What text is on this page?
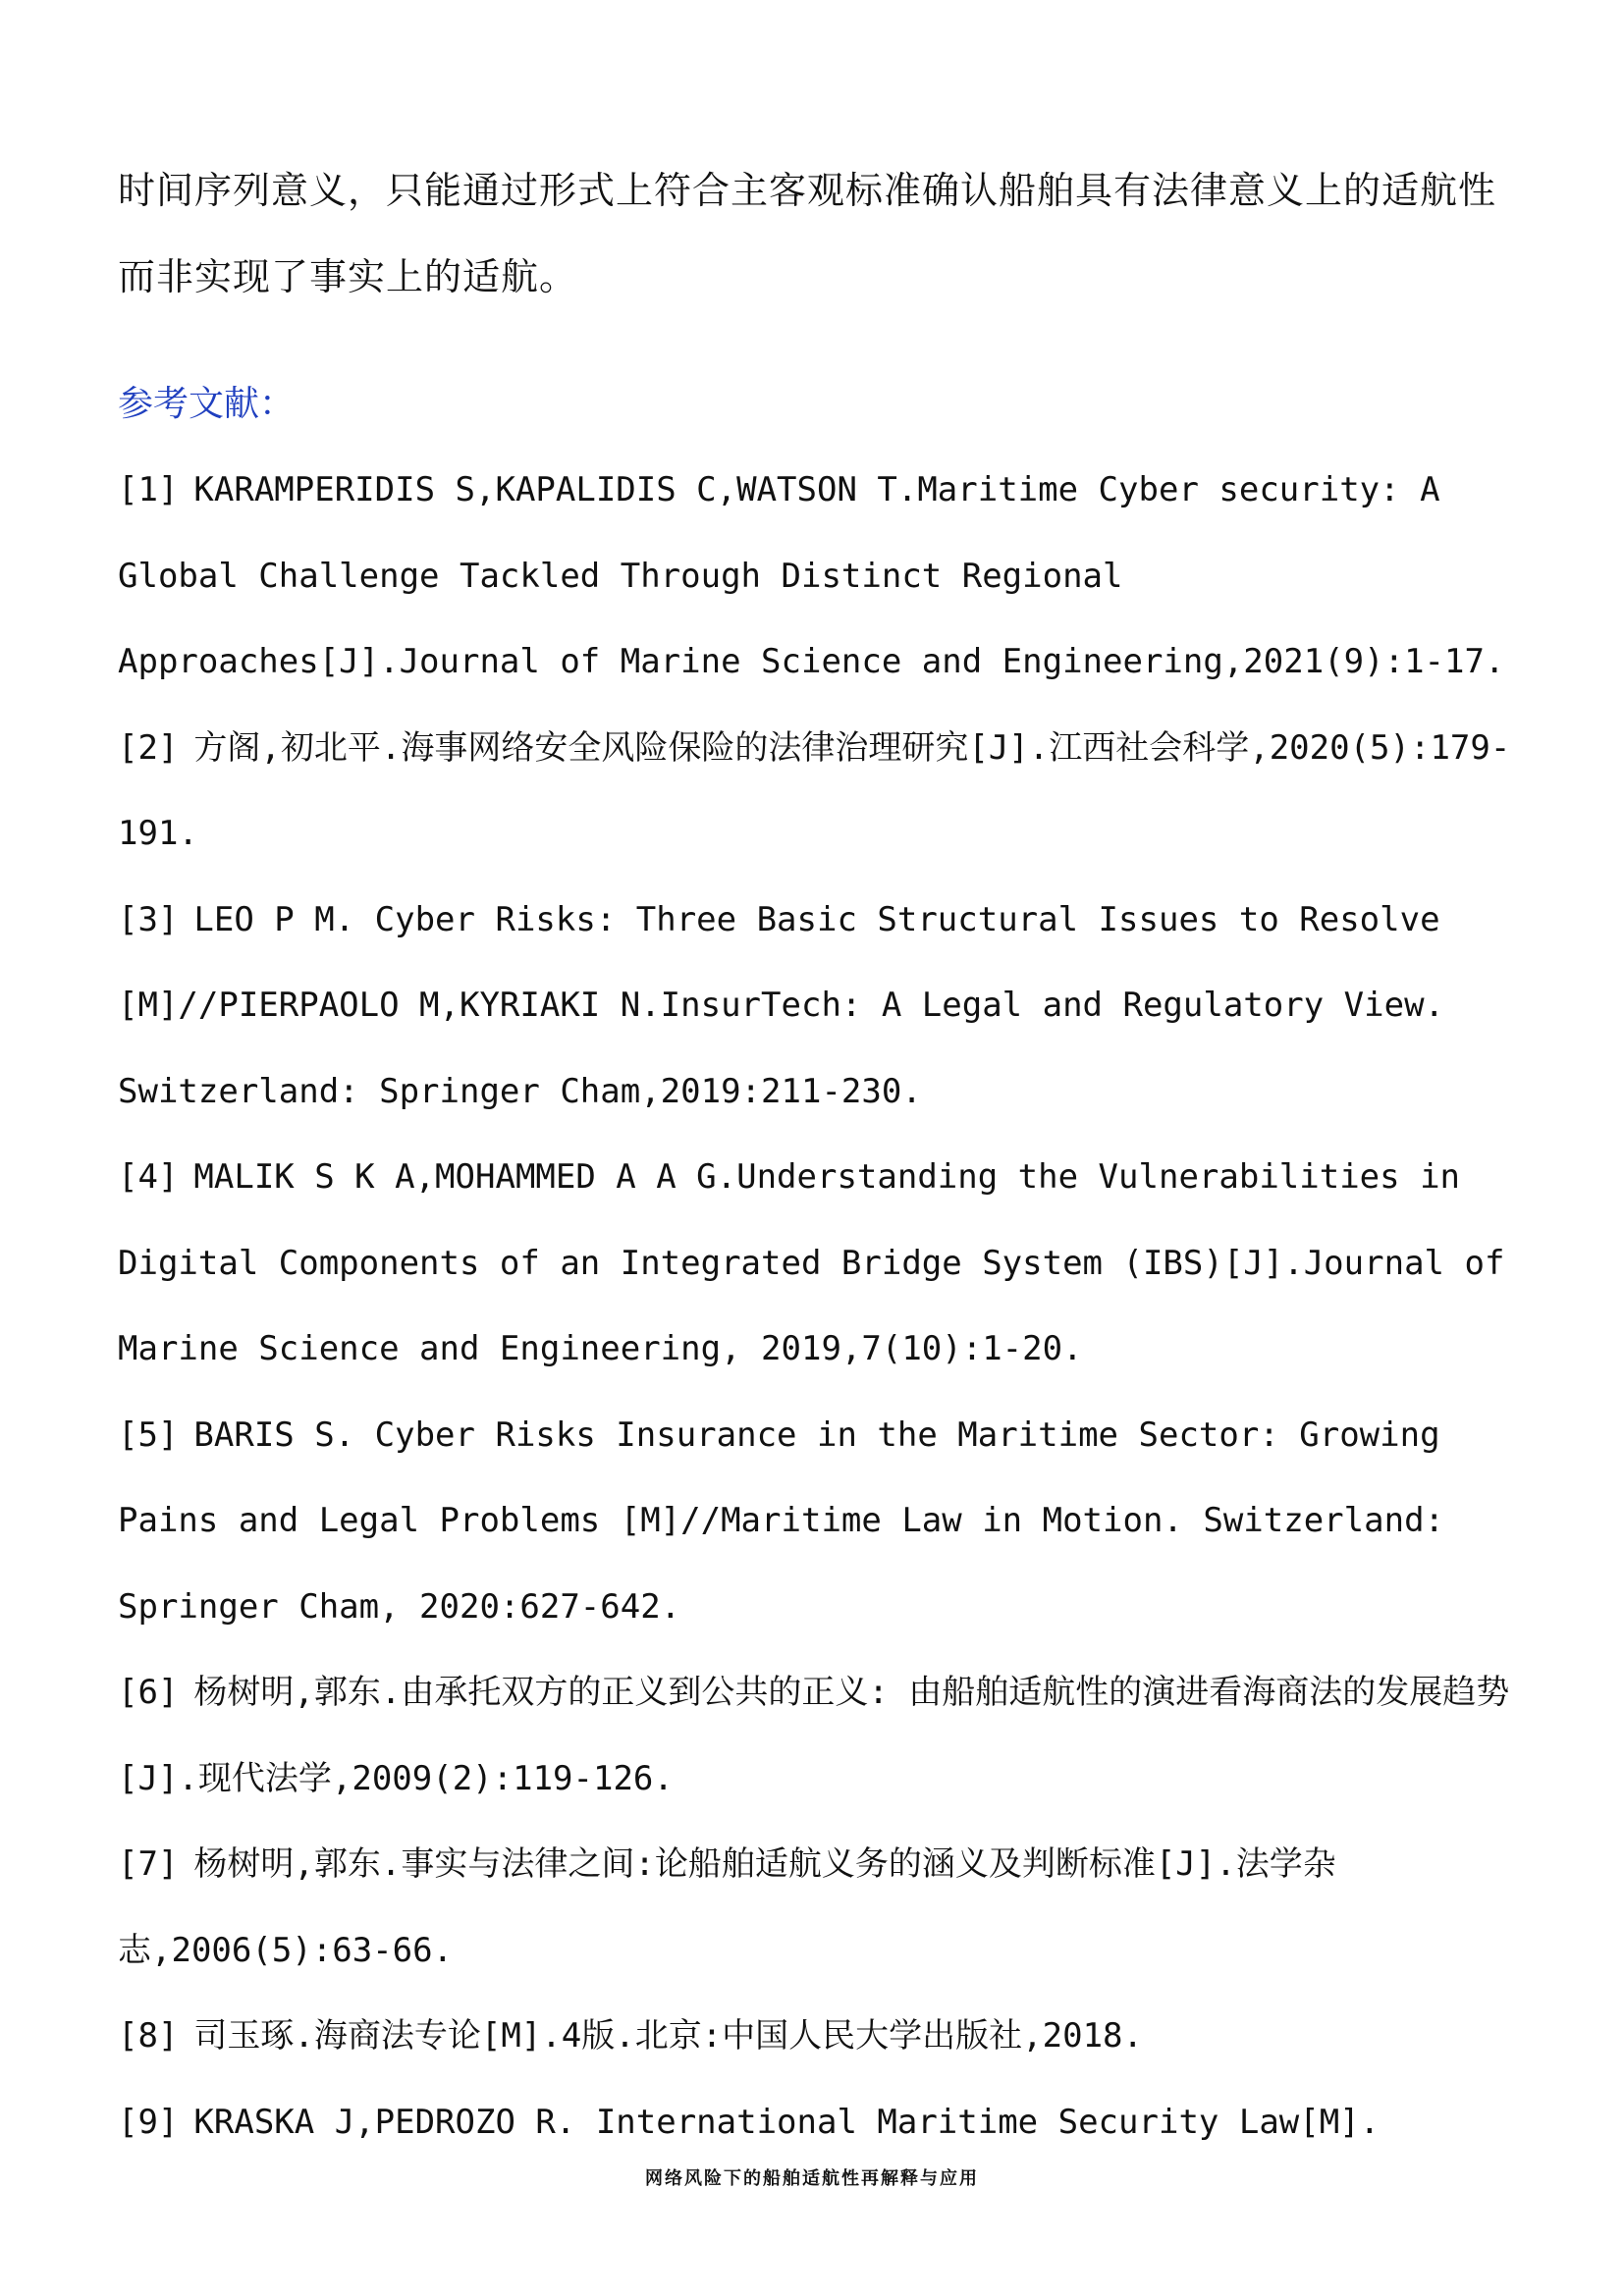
时间序列意义，只能通过形式上符合主客观标准确认船舶具有法律意义上的适航性而非实现了事实上的适航。

参考文献：
[1] KARAMPERIDIS S,KAPALIDIS C,WATSON T.Maritime Cyber security: A Global Challenge Tackled Through Distinct Regional Approaches[J].Journal of Marine Science and Engineering,2021(9):1-17.
[2] 方阁,初北平.海事网络安全风险保险的法律治理研究[J].江西社会科学,2020(5):179-191.
[3] LEO P M. Cyber Risks: Three Basic Structural Issues to Resolve [M]//PIERPAOLO M,KYRIAKI N.InsurTech: A Legal and Regulatory View. Switzerland: Springer Cham,2019:211-230.
[4] MALIK S K A,MOHAMMED A A G.Understanding the Vulnerabilities in Digital Components of an Integrated Bridge System (IBS)[J].Journal of Marine Science and Engineering, 2019,7(10):1-20.
[5] BARIS S. Cyber Risks Insurance in the Maritime Sector: Growing Pains and Legal Problems [M]//Maritime Law in Motion. Switzerland: Springer Cham, 2020:627-642.
[6] 杨树明,郭东.由承托双方的正义到公共的正义: 由船舶适航性的演进看海商法的发展趋势[J].现代法学,2009(2):119-126.
[7] 杨树明,郭东.事实与法律之间:论船舶适航义务的涵义及判断标准[J].法学杂志,2006(5):63-66.
[8] 司玉琢.海商法专论[M].4版.北京:中国人民大学出版社,2018.
[9] KRASKA J,PEDROZO R. International Maritime Security Law[M].
网络风险下的船舶适航性再解释与应用
